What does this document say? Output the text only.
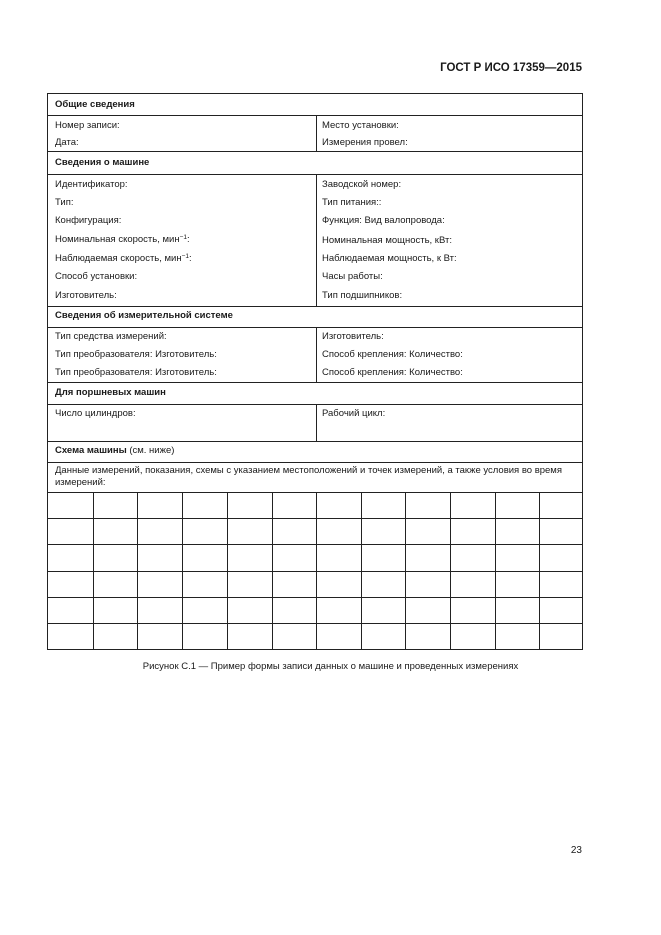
ГОСТ Р ИСО 17359—2015
Общие сведения
Номер записи:
Дата:
Место установки:
Измерения провел:
Сведения о машине
Идентификатор:
Тип:
Конфигурация:
Номинальная скорость, мин$^{-1}$:
Наблюдаемая скорость, мин$^{-1}$:
Способ установки:
Изготовитель:
Заводской номер:
Тип питания::
Функция: Вид валопровода:
Номинальная мощность, кВт:
Наблюдаемая мощность, к Вт:
Часы работы:
Тип подшипников:
Сведения об измерительной системе
Тип средства измерений:
Тип преобразователя: Изготовитель:
Тип преобразователя: Изготовитель:
Изготовитель:
Способ крепления: Количество:
Способ крепления: Количество:
Для поршневых машин
Число цилиндров:	Рабочий цикл:
Схема машины (см. ниже)
Данные измерений, показания, схемы с указанием местоположений и точек измерений, а также условия во время измерений:
Рисунок С.1 — Пример формы записи данных о машине и проведенных измерениях
23
